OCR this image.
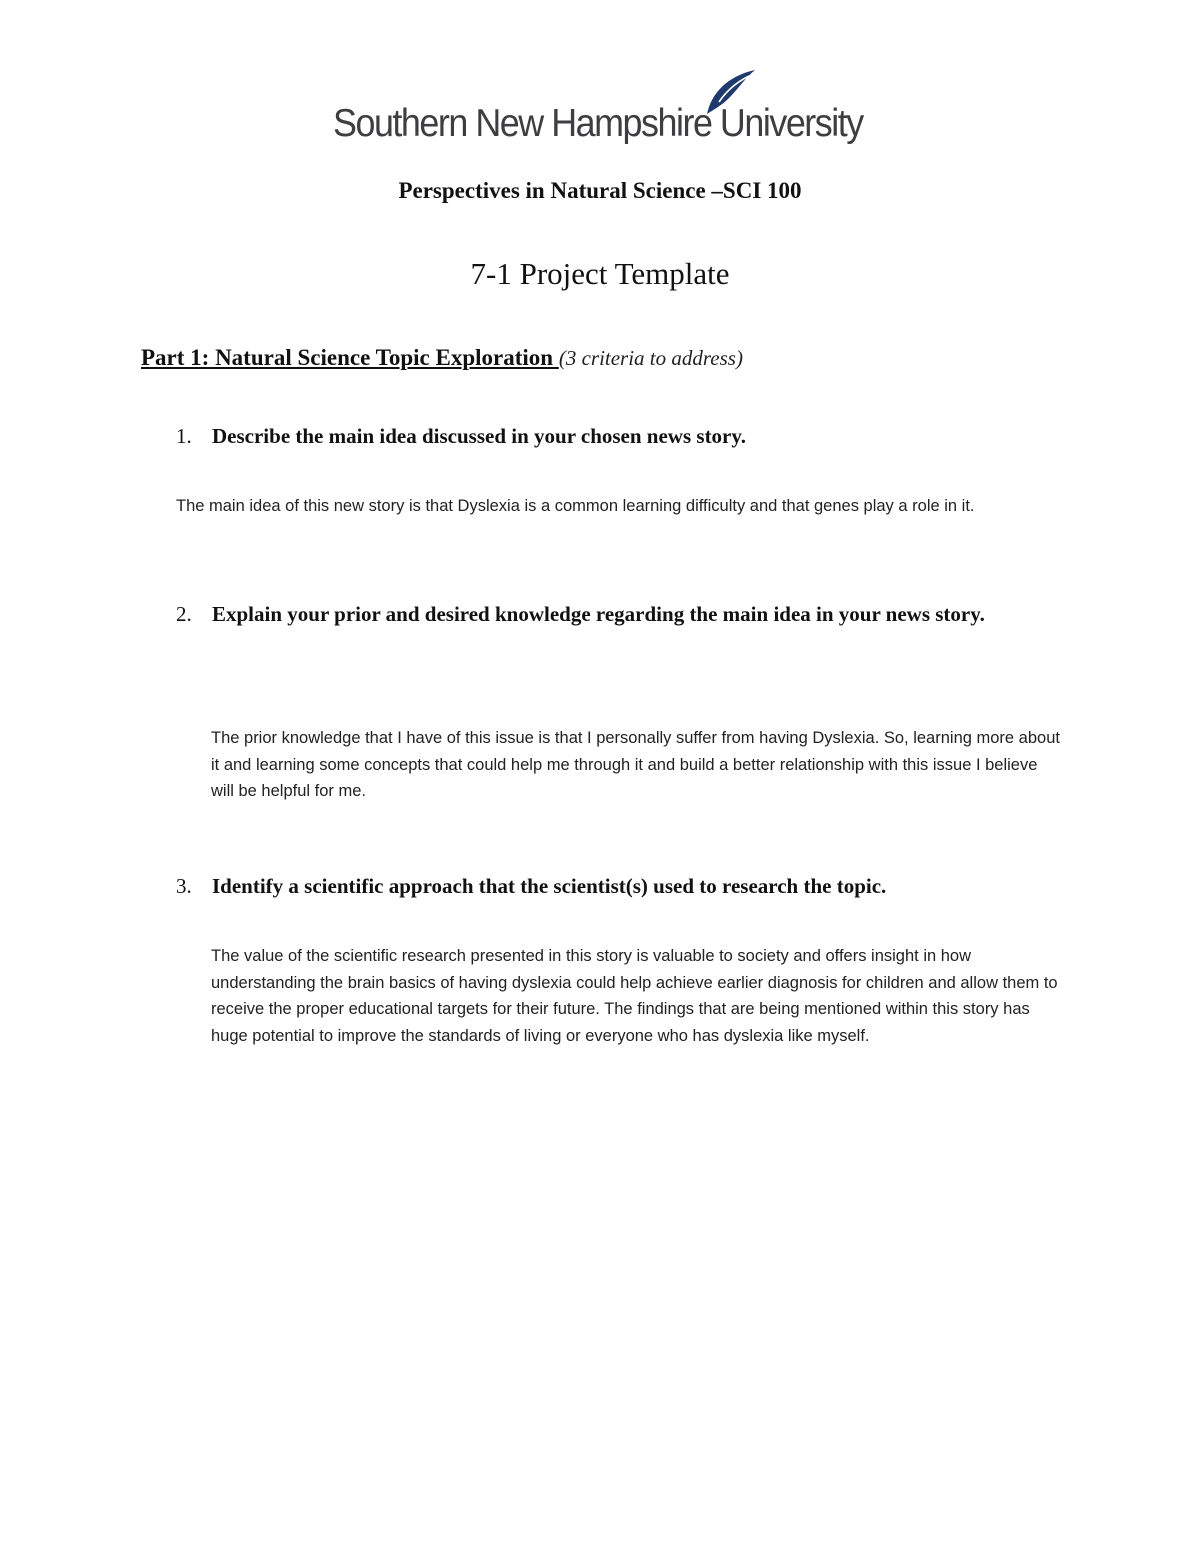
Southern New Hampshire University
Perspectives in Natural Science –SCI 100
7-1 Project Template
Part 1: Natural Science Topic Exploration (3 criteria to address)
1. Describe the main idea discussed in your chosen news story.
The main idea of this new story is that Dyslexia is a common learning difficulty and that genes play a role in it.
2. Explain your prior and desired knowledge regarding the main idea in your news story.
The prior knowledge that I have of this issue is that I personally suffer from having Dyslexia. So, learning more about it and learning some concepts that could help me through it and build a better relationship with this issue I believe will be helpful for me.
3. Identify a scientific approach that the scientist(s) used to research the topic.
The value of the scientific research presented in this story is valuable to society and offers insight in how understanding the brain basics of having dyslexia could help achieve earlier diagnosis for children and allow them to receive the proper educational targets for their future. The findings that are being mentioned within this story has huge potential to improve the standards of living or everyone who has dyslexia like myself.
